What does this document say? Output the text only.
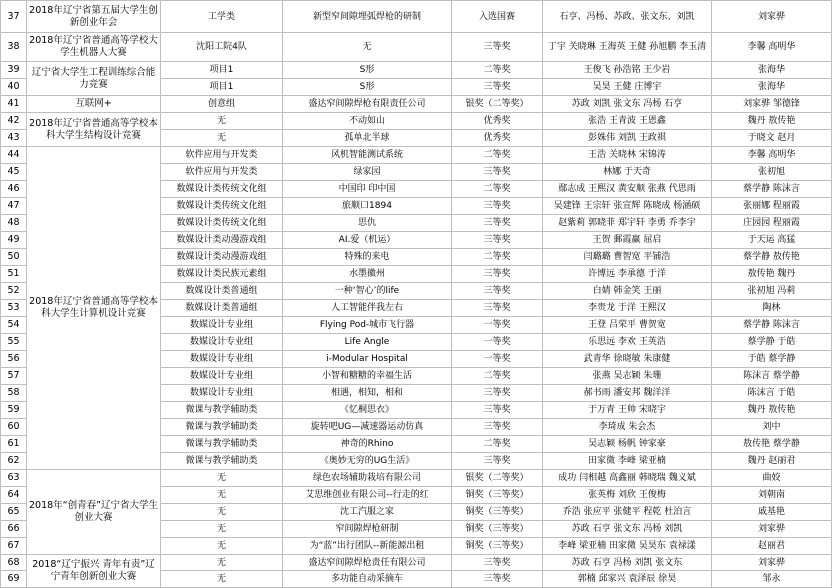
37	2018年辽宁省第五届大学生创新创业年会	工学类	新型窄间隙埋弧焊枪的研制	入选国赛	石亨、冯杨、苏政、张文东、刘凯	刘家骅
38	2018年辽宁省普通高等学校大学生机器人大赛	沈阳工院4队	无	三等奖	丁宇 关晓琳 王海英 王健 孙旭鹏 李玉清	李馨 高明华
39	辽宁省大学生工程训练综合能力竞赛	项目1	S形	二等奖	王俊飞 孙浩铭 王少岩	张海华
40		项目1	S形	三等奖	吴昊 王健 庄博宇	张海华
41	互联网+	创意组	盛达窄间隙焊枪有限责任公司	银奖（二等奖）	苏政 刘凯 张文东 冯杨 石亨	刘家骅 邹德锋
42	2018年辽宁省普通高等学校本科大学生结构设计竞赛	无	不动如山	优秀奖	张浩 王青波 王恩鑫	魏丹 敖传艳
43		无	孤单北半球	优秀奖	彭姝伟 刘凯 王政祺	于晓文 赵月
44	2018年辽宁省普通高等学校本科大学生计算机设计竞赛	软件应用与开发类	风机智能测试系统	二等奖	王浩 关晓林 宋锦涛	李馨 高明华
45		软件应用与开发类	绿家园	三等奖	林娜 于天奇	张初旭
46		数媒设计类传统文化组	中国印 印中国	二等奖	鄢志成 王熙汉 黄安顺 张燕 代思雨	蔡学静 陈沫言
47		数媒设计类传统文化组	旅顺口1894	三等奖	吴建锋 王宗轩 张宣辉 陈晓成 杨涵硕	张丽娜 程丽霞
48		数媒设计类传统文化组	思仇	三等奖	赵紫莉 郭晓菲 郑宇轩 李勇 乔李宇	庄园园 程丽霞
49		数媒设计类动漫游戏组	AI.爱（机运）	三等奖	王贺 郵霞赢 屈启	于天运 高猛
50		数媒设计类动漫游戏组	特殊的来电	二等奖	闫璐璐 曹智宽 平铺浩	蔡学静 敖传艳
51		数媒设计类民族元素组	水墨徽州	三等奖	许博远 李承德 于洋	敖传艳 魏丹
52		数媒设计类普通组	一种‘智心’的life	三等奖	白婧 韩金笑 王丽	张初旭 冯莉
53		数媒设计类普通组	人工智能伴我左右	三等奖	李贵龙 于洋 王熙汉	陶林
54		数媒设计专业组	Flying Pod-城市飞行器	一等奖	王登 吕荣平 曹贺宽	蔡学静 陈沫言
55		数媒设计专业组	Life Angle	一等奖	乐思远 李欢 王英浩	蔡学静 于皓
56		数媒设计专业组	i-Modular Hospital	一等奖	武青华 徐晓敏 朱康健	于皓 蔡学静
57		数媒设计专业组	小智和糖糖的幸福生活	二等奖	张燕 吴志颖 朱珊	陈沫言 蔡学静
58		数媒设计专业组	相遇，相知，相和	三等奖	郝书雨 潘安邦 魏洋洋	陈沫言 于皓
59		微课与教学辅助类	《忆桐思衣》	三等奖	于万青 王帅 宋晓宇	魏丹 敖传艳
60		微课与教学辅助类	旋转吧UG—减速器运动仿真	三等奖	李琦成 朱会杰	刘中
61		微课与教学辅助类	神奇的Rhino	二等奖	吴志颖 杨帆 钟家豪	敖传艳 蔡学静
62		微课与教学辅助类	《奥妙无穷的UG生活》	三等奖	田家微 李峰 梁亚楠	魏丹 赵丽君
63	2018年“创青春”辽宁省大学生创业大赛	无	绿色农场辅助栽培有限公司	银奖（二等奖）	成功 闫相越 高鑫丽 韩晓瑞 魏义斌	曲姣
64		无	艾思维创业有限公司--行走的红	铜奖（三等奖）	张英梅 刘欣 王俊梅	刘朝南
65		无	沈工汽服之家	铜奖（三等奖）	乔浩 张应平 张健平 程乾 杜泊言	戚基艳
66		无	窄间隙焊枪研制	铜奖（三等奖）	苏政 石亨 张文东 冯杨 刘凯	刘家骅
67		无	为“蓝”出行团队--新能源出租	铜奖（三等奖）	李峰 梁亚楠 田家微 吴昊东 袁禄漾	赵丽君
68	2018“辽宁振兴 青年有责”辽宁青年创新创业大赛	无	盛达窄间隙焊枪责任有限公司	三等奖	苏政 石亨 冯杨 刘凯 张文东	刘家骅
69		无	多功能自动采摘车	三等奖	郭楠 邱家兴 袁泽辰 徐昊	邹永
